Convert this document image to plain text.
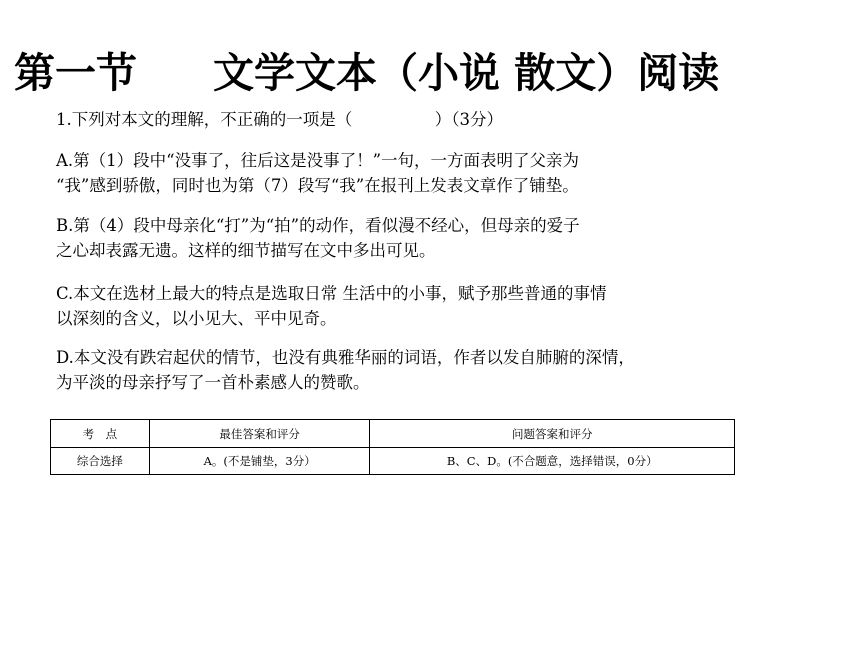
第一节 文学文本（小说 散文）阅读
1.下列对本文的理解，不正确的一项是（　　　　　）（3分）
A.第（1）段中“没事了，往后这是没事了！”一句，一方面表明了父亲为
“我”感到骄傲，同时也为第（7）段写“我”在报刊上发表文章作了铺垫。
B.第（4）段中母亲化“打”为“拍”的动作，看似漫不经心，但母亲的爱子
之心却表露无遗。这样的细节描写在文中多出可见。
C.本文在选材上最大的特点是选取日常 生活中的小事，赋予那些普通的事情
以深刻的含义，以小见大、平中见奇。
D.本文没有跌宕起伏的情节，也没有典雅华丽的词语，作者以发自肺腑的深情，
为平淡的母亲抒写了一首朴素感人的赞歌。
考　点	最佳答案和评分	问题答案和评分
综合选择	A。(不是铺垫，3分）	B、C、D。(不合题意，选择错误，0分）
